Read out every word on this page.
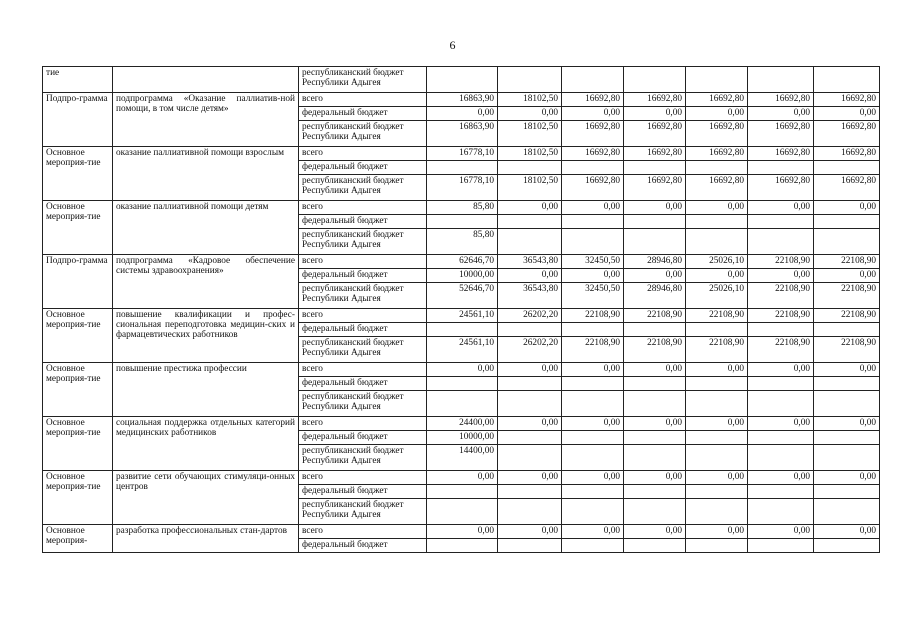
6
тие		республиканский бюджет Республики Адыгея							
Подпро-грамма	подпрограмма «Оказание паллиатив-ной помощи, в том числе детям»	всего	16863,90	18102,50	16692,80	16692,80	16692,80	16692,80	16692,80
		федеральный бюджет	0,00	0,00	0,00	0,00	0,00	0,00	0,00
		республиканский бюджет Республики Адыгея	16863,90	18102,50	16692,80	16692,80	16692,80	16692,80	16692,80
Основное мероприя-тие	оказание паллиативной помощи взрослым	всего	16778,10	18102,50	16692,80	16692,80	16692,80	16692,80	16692,80
		федеральный бюджет							
		республиканский бюджет Республики Адыгея	16778,10	18102,50	16692,80	16692,80	16692,80	16692,80	16692,80
Основное мероприя-тие	оказание паллиативной помощи детям	всего	85,80	0,00	0,00	0,00	0,00	0,00	0,00
		федеральный бюджет							
		республиканский бюджет Республики Адыгея	85,80						
Подпро-грамма	подпрограмма «Кадровое обеспечение системы здравоохранения»	всего	62646,70	36543,80	32450,50	28946,80	25026,10	22108,90	22108,90
		федеральный бюджет	10000,00	0,00	0,00	0,00	0,00	0,00	0,00
		республиканский бюджет Республики Адыгея	52646,70	36543,80	32450,50	28946,80	25026,10	22108,90	22108,90
Основное мероприя-тие	повышение квалификации и профес-сиональная переподготовка медицин-ских и фармацевтических работников	всего	24561,10	26202,20	22108,90	22108,90	22108,90	22108,90	22108,90
		федеральный бюджет							
		республиканский бюджет Республики Адыгея	24561,10	26202,20	22108,90	22108,90	22108,90	22108,90	22108,90
Основное мероприя-тие	повышение престижа профессии	всего	0,00	0,00	0,00	0,00	0,00	0,00	0,00
		федеральный бюджет							
		республиканский бюджет Республики Адыгея							
Основное мероприя-тие	социальная поддержка отдельных категорий медицинских работников	всего	24400,00	0,00	0,00	0,00	0,00	0,00	0,00
		федеральный бюджет	10000,00						
		республиканский бюджет Республики Адыгея	14400,00						
Основное мероприя-тие	развитие сети обучающих стимуляци-онных центров	всего	0,00	0,00	0,00	0,00	0,00	0,00	0,00
		федеральный бюджет							
		республиканский бюджет Республики Адыгея							
Основное мероприя-	разработка профессиональных стан-дартов	всего	0,00	0,00	0,00	0,00	0,00	0,00	0,00
		федеральный бюджет							
